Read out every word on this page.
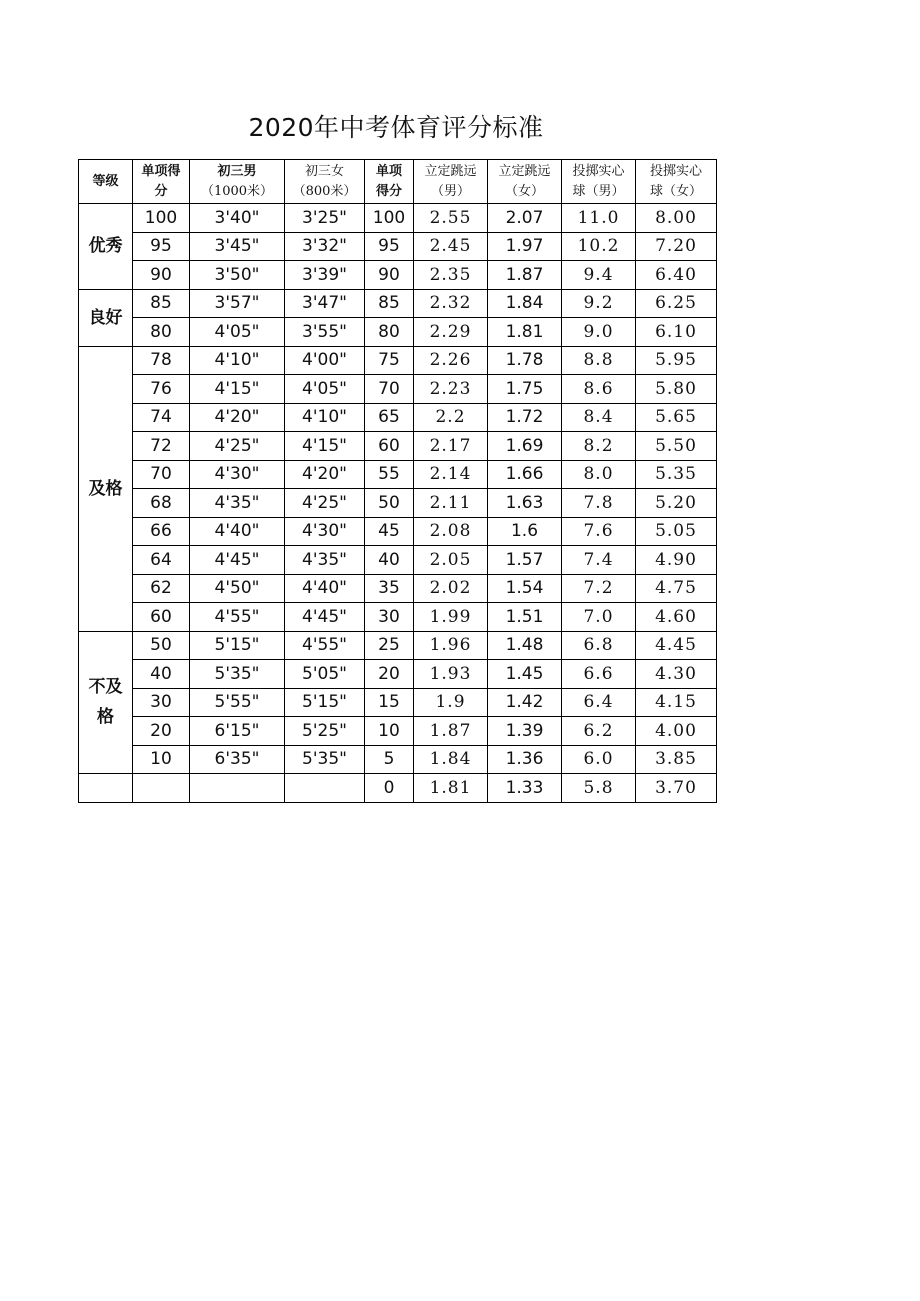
2020年中考体育评分标准
等级	单项得
分	初三男
（1000米）	初三女
（800米）	单项
得分	立定跳远
（男）	立定跳远
（女）	投掷实心
球（男）	投掷实心
球（女）
优秀	100	3'40"	3'25"	100	2.55	2.07	11.0	8.00
	95	3'45"	3'32"	95	2.45	1.97	10.2	7.20
	90	3'50"	3'39"	90	2.35	1.87	9.4	6.40
良好	85	3'57"	3'47"	85	2.32	1.84	9.2	6.25
	80	4'05"	3'55"	80	2.29	1.81	9.0	6.10
及格	78	4'10"	4'00"	75	2.26	1.78	8.8	5.95
	76	4'15"	4'05"	70	2.23	1.75	8.6	5.80
	74	4'20"	4'10"	65	2.2	1.72	8.4	5.65
	72	4'25"	4'15"	60	2.17	1.69	8.2	5.50
	70	4'30"	4'20"	55	2.14	1.66	8.0	5.35
	68	4'35"	4'25"	50	2.11	1.63	7.8	5.20
	66	4'40"	4'30"	45	2.08	1.6	7.6	5.05
	64	4'45"	4'35"	40	2.05	1.57	7.4	4.90
	62	4'50"	4'40"	35	2.02	1.54	7.2	4.75
	60	4'55"	4'45"	30	1.99	1.51	7.0	4.60
不及
格	50	5'15"	4'55"	25	1.96	1.48	6.8	4.45
	40	5'35"	5'05"	20	1.93	1.45	6.6	4.30
	30	5'55"	5'15"	15	1.9	1.42	6.4	4.15
	20	6'15"	5'25"	10	1.87	1.39	6.2	4.00
	10	6'35"	5'35"	5	1.84	1.36	6.0	3.85
				0	1.81	1.33	5.8	3.70
